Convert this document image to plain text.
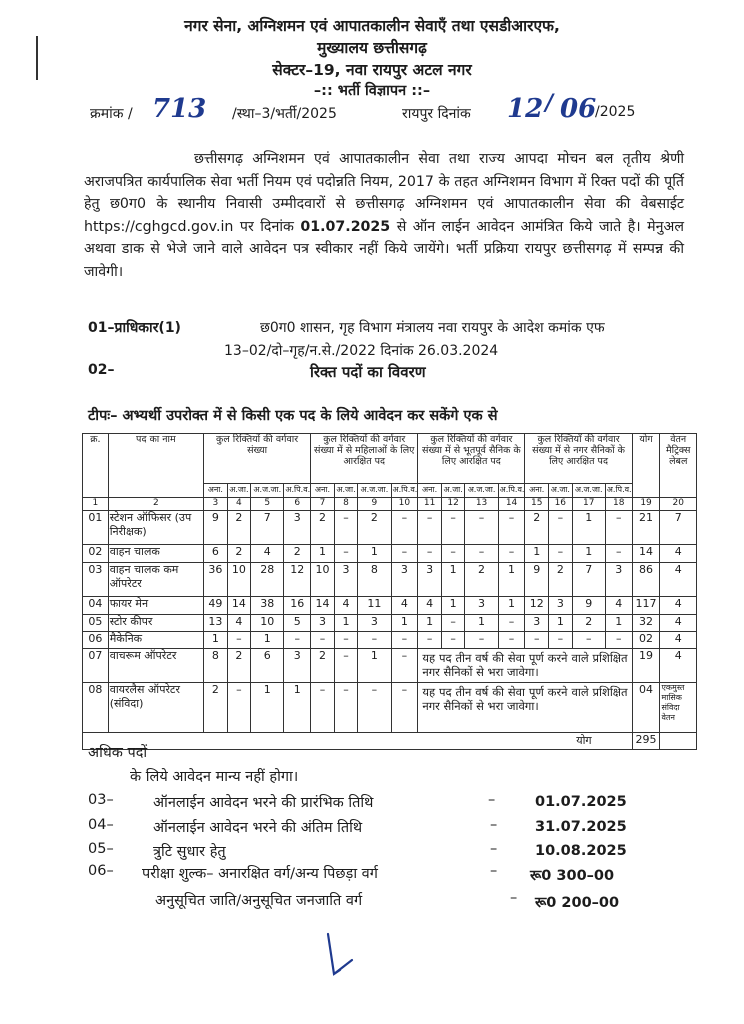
नगर सेना, अग्निशमन एवं आपातकालीन सेवाएँ तथा एसडीआरएफ,
मुख्यालय छत्तीसगढ़
सेक्टर–19, नवा रायपुर अटल नगर
–:: भर्ती विज्ञापन ::–
क्रमांक / 713 /स्था–3/भर्ती/2025	रायपुर दिनांक 12 / 06
/2025

छत्तीसगढ़ अग्निशमन एवं आपातकालीन सेवा तथा राज्य आपदा मोचन बल तृतीय श्रेणी अराजपत्रित कार्यपालिक सेवा भर्ती नियम एवं पदोन्नति नियम, 2017 के तहत अग्निशमन विभाग में रिक्त पदों की पूर्ति हेतु छ0ग0 के स्थानीय निवासी उम्मीदवारों से छत्तीसगढ़ अग्निशमन एवं आपातकालीन सेवा की वेबसाईट https://cghgcd.gov.in पर दिनांक 01.07.2025 से ऑन लाईन आवेदन आमंत्रित किये जाते है। मेनुअल अथवा डाक से भेजे जाने वाले आवेदन पत्र स्वीकार नहीं किये जायेंगे। भर्ती प्रक्रिया रायपुर छत्तीसगढ़ में सम्पन्न की जावेगी।

01–प्राधिकार(1)	छ0ग0 शासन, गृह विभाग मंत्रालय नवा रायपुर के आदेश कमांक एफ
13–02/दो–गृह/न.से./2022 दिनांक 26.03.2024
02–	रिक्त पदों का विवरण
टीपः– अभ्यर्थी उपरोक्त में से किसी एक पद के लिये आवेदन कर सकेंगे एक से
क्र.	पद का नाम	कुल रिक्तियों की वर्गवार संख्या				कुल रिक्तियों की वर्गवार संख्या में से महिलाओं के लिए आरक्षित पद				कुल रिक्तियों की वर्गवार संख्या में से भूतपूर्व सैनिक के लिए आरक्षित पद				कुल रिक्तियाँ की वर्गवार संख्या में से नगर सैनिकों के लिए आरक्षित पद				योग	वेतन मैट्रिक्स लेबल
		अना.	अ.जा.	अ.ज.जा.	अ.पि.व.	अना.	अ.जा.	अ.ज.जा.	अ.पि.व.	अना.	अ.जा.	अ.ज.जा.	अ.पि.व.	अना.	अ.जा.	अ.ज.जा.	अ.पि.व.		
1	2	3	4	5	6	7	8	9	10	11	12	13	14	15	16	17	18	19	20
01	स्टेशन ऑफिसर (उप निरीक्षक)	9	2	7	3	2	–	2	–	–	–	–	–	2	–	1	–	21	7
02	वाहन चालक	6	2	4	2	1	–	1	–	–	–	–	–	1	–	1	–	14	4
03	वाहन चालक कम ऑपरेटर	36	10	28	12	10	3	8	3	3	1	2	1	9	2	7	3	86	4
04	फायर मेन	49	14	38	16	14	4	11	4	4	1	3	1	12	3	9	4	117	4
05	स्टोर कीपर	13	4	10	5	3	1	3	1	1	–	1	–	3	1	2	1	32	4
06	मैकेनिक	1	–	1	–	–	–	–	–	–	–	–	–	–	–	–	–	02	4
07	वाचरूम ऑपरेटर	8	2	6	3	2	–	1	–	यह पद तीन वर्ष की सेवा पूर्ण करने वाले प्रशिक्षित नगर सैनिकों से भरा जावेगा।								19	4
08	वायरलैस ऑपरेटर (संविदा)	2	–	1	1	–	–	–	–	यह पद तीन वर्ष की सेवा पूर्ण करने वाले प्रशिक्षित नगर सैनिकों से भरा जावेगा।								04	एकमुस्त मासिक संविदा वेतन
योग																		295	
अधिक पदों
के लिये आवेदन मान्य नहीं होगा।
03–	ऑनलाईन आवेदन भरने की प्रारंभिक तिथि	–	01.07.2025
04–	ऑनलाईन आवेदन भरने की अंतिम तिथि	–	31.07.2025
05–	त्रुटि सुधार हेतु	–	10.08.2025
06– परीक्षा शुल्क– अनारक्षित वर्ग/अन्य पिछड़ा वर्ग	– रू0 300–00
अनुसूचित जाति/अनुसूचित जनजाति वर्ग	– रू0 200–00
